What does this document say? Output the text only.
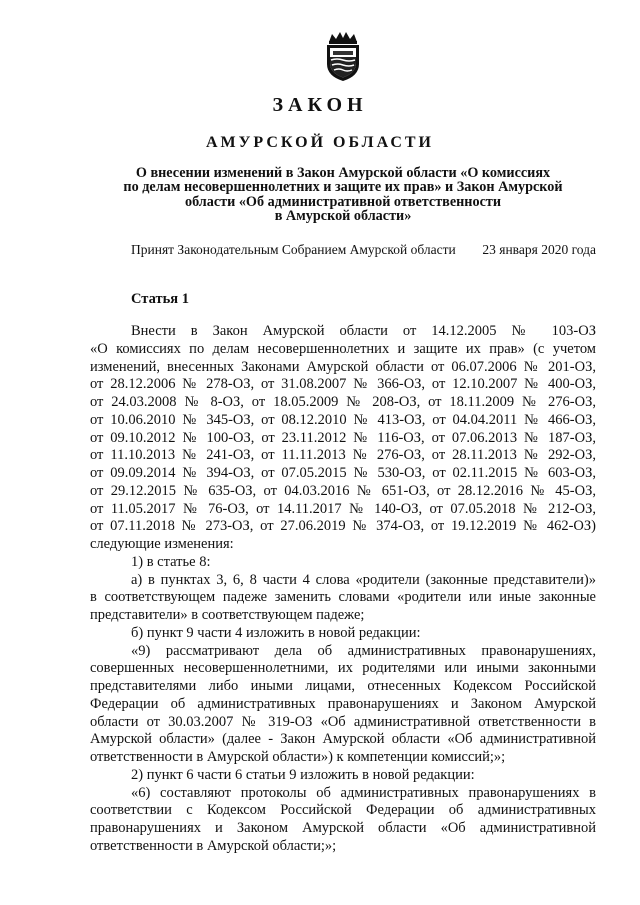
ЗАКОН
АМУРСКОЙ ОБЛАСТИ
О внесении изменений в Закон Амурской области «О комиссиях
по делам несовершеннолетних и защите их прав» и Закон Амурской
области «Об административной ответственности
в Амурской области»
Принят Законодательным Собранием Амурской области 23 января 2020 года
Статья 1
Внести в Закон Амурской области от 14.12.2005 № 103-ОЗ
«О комиссиях по делам несовершеннолетних и защите их прав» (с учетом
изменений, внесенных Законами Амурской области от 06.07.2006 № 201-ОЗ,
от 28.12.2006 № 278-ОЗ, от 31.08.2007 № 366-ОЗ, от 12.10.2007 № 400-ОЗ,
от 24.03.2008 № 8-ОЗ, от 18.05.2009 № 208-ОЗ, от 18.11.2009 № 276-ОЗ,
от 10.06.2010 № 345-ОЗ, от 08.12.2010 № 413-ОЗ, от 04.04.2011 № 466-ОЗ,
от 09.10.2012 № 100-ОЗ, от 23.11.2012 № 116-ОЗ, от 07.06.2013 № 187-ОЗ,
от 11.10.2013 № 241-ОЗ, от 11.11.2013 № 276-ОЗ, от 28.11.2013 № 292-ОЗ,
от 09.09.2014 № 394-ОЗ, от 07.05.2015 № 530-ОЗ, от 02.11.2015 № 603-ОЗ,
от 29.12.2015 № 635-ОЗ, от 04.03.2016 № 651-ОЗ, от 28.12.2016 № 45-ОЗ,
от 11.05.2017 № 76-ОЗ, от 14.11.2017 № 140-ОЗ, от 07.05.2018 № 212-ОЗ,
от 07.11.2018 № 273-ОЗ, от 27.06.2019 № 374-ОЗ, от 19.12.2019 № 462-ОЗ)
следующие изменения:
1) в статье 8:
а) в пунктах 3, 6, 8 части 4 слова «родители (законные представители)»
в соответствующем падеже заменить словами «родители или иные законные
представители» в соответствующем падеже;
б) пункт 9 части 4 изложить в новой редакции:
«9) рассматривают дела об административных правонарушениях,
совершенных несовершеннолетними, их родителями или иными законными
представителями либо иными лицами, отнесенных Кодексом Российской
Федерации об административных правонарушениях и Законом Амурской
области от 30.03.2007 № 319-ОЗ «Об административной ответственности в
Амурской области» (далее - Закон Амурской области «Об административной
ответственности в Амурской области») к компетенции комиссий;»;
2) пункт 6 части 6 статьи 9 изложить в новой редакции:
«6) составляют протоколы об административных правонарушениях в
соответствии с Кодексом Российской Федерации об административных
правонарушениях и Законом Амурской области «Об административной
ответственности в Амурской области;»;
